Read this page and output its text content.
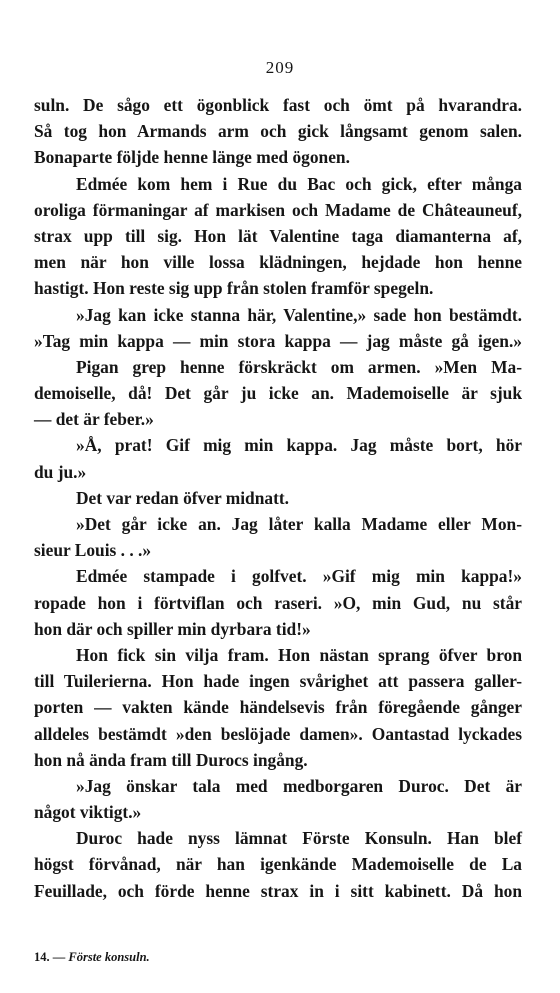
209
suln. De sågo ett ögonblick fast och ömt på hvarandra.
Så tog hon Armands arm och gick långsamt genom salen.
Bonaparte följde henne länge med ögonen.
Edmée kom hem i Rue du Bac och gick, efter många
oroliga förmaningar af markisen och Madame de Châteauneuf,
strax upp till sig. Hon lät Valentine taga diamanterna af,
men när hon ville lossa klädningen, hejdade hon henne
hastigt. Hon reste sig upp från stolen framför spegeln.
»Jag kan icke stanna här, Valentine,» sade hon bestämdt.
»Tag min kappa — min stora kappa — jag måste gå igen.»
Pigan grep henne förskräckt om armen. »Men Ma-
demoiselle, då! Det går ju icke an. Mademoiselle är sjuk
— det är feber.»
»Å, prat! Gif mig min kappa. Jag måste bort, hör
du ju.»
Det var redan öfver midnatt.
»Det går icke an. Jag låter kalla Madame eller Mon-
sieur Louis . . .»
Edmée stampade i golfvet. »Gif mig min kappa!»
ropade hon i förtviflan och raseri. »O, min Gud, nu står
hon där och spiller min dyrbara tid!»
Hon fick sin vilja fram. Hon nästan sprang öfver bron
till Tuilerierna. Hon hade ingen svårighet att passera galler-
porten — vakten kände händelsevis från föregående gånger
alldeles bestämdt »den beslöjade damen». Oantastad lyckades
hon nå ända fram till Durocs ingång.
»Jag önskar tala med medborgaren Duroc. Det är
något viktigt.»
Duroc hade nyss lämnat Förste Konsuln. Han blef
högst förvånad, när han igenkände Mademoiselle de La
Feuillade, och förde henne strax in i sitt kabinett. Då hon
14. — Förste konsuln.
